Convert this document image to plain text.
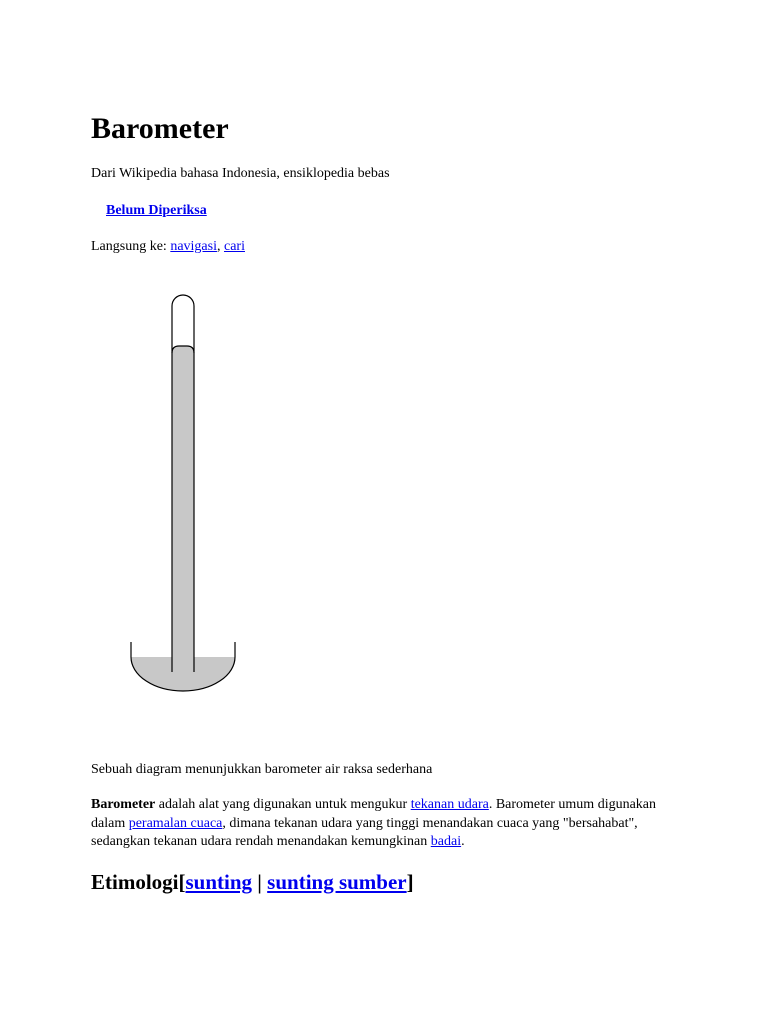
Barometer
Dari Wikipedia bahasa Indonesia, ensiklopedia bebas
Belum Diperiksa
Langsung ke: navigasi, cari
Sebuah diagram menunjukkan barometer air raksa sederhana

Barometer adalah alat yang digunakan untuk mengukur tekanan udara. Barometer umum digunakan dalam peramalan cuaca, dimana tekanan udara yang tinggi menandakan cuaca yang "bersahabat", sedangkan tekanan udara rendah menandakan kemungkinan badai.

Etimologi[sunting | sunting sumber]
